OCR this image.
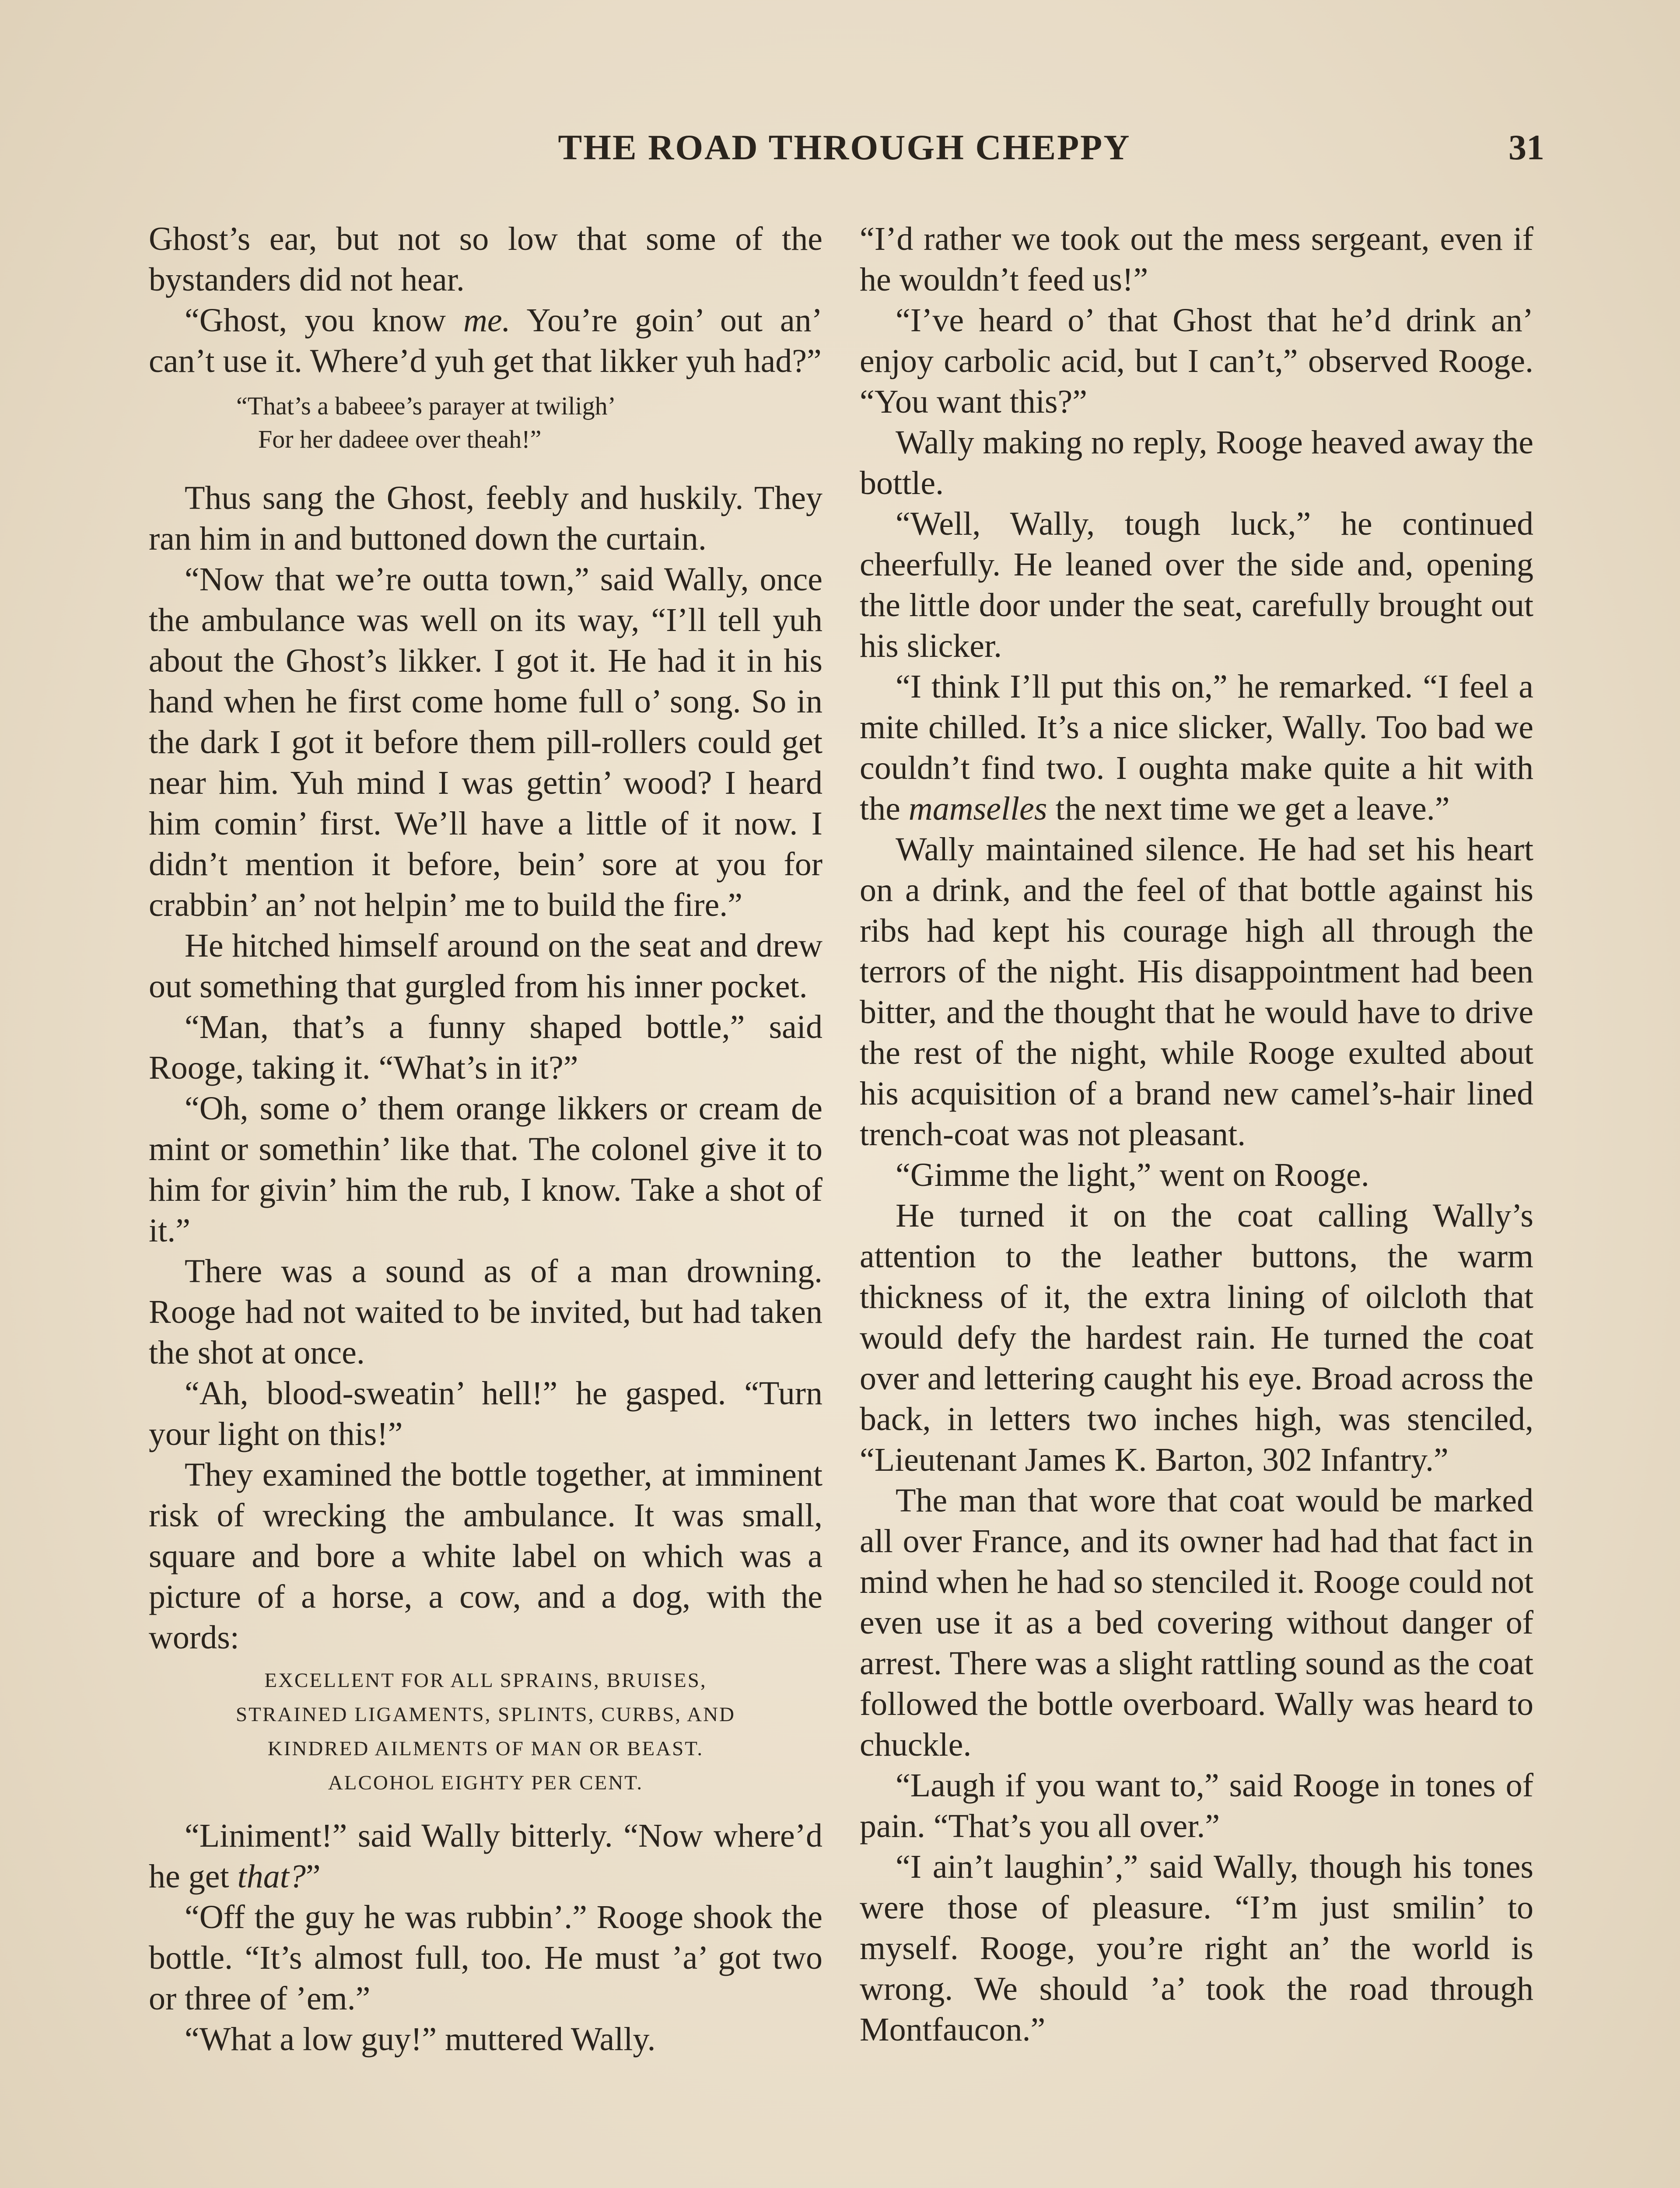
THE ROAD THROUGH CHEPPY	31

Ghost’s ear, but not so low that some of the bystanders did not hear.

“Ghost, you know me. You’re goin’ out an’ can’t use it. Where’d yuh get that likker yuh had?”

“That’s a babeee’s parayer at twiligh’
For her dadeee over theah!”

Thus sang the Ghost, feebly and huskily. They ran him in and buttoned down the curtain.

“Now that we’re outta town,” said Wally, once the ambulance was well on its way, “I’ll tell yuh about the Ghost’s likker. I got it. He had it in his hand when he first come home full o’ song. So in the dark I got it before them pill-rollers could get near him. Yuh mind I was gettin’ wood? I heard him comin’ first. We’ll have a little of it now. I didn’t mention it before, bein’ sore at you for crabbin’ an’ not helpin’ me to build the fire.”

He hitched himself around on the seat and drew out something that gurgled from his inner pocket.

“Man, that’s a funny shaped bottle,” said Rooge, taking it. “What’s in it?”

“Oh, some o’ them orange likkers or cream de mint or somethin’ like that. The colonel give it to him for givin’ him the rub, I know. Take a shot of it.”

There was a sound as of a man drowning. Rooge had not waited to be invited, but had taken the shot at once.

“Ah, blood-sweatin’ hell!” he gasped. “Turn your light on this!”

They examined the bottle together, at imminent risk of wrecking the ambulance. It was small, square and bore a white label on which was a picture of a horse, a cow, and a dog, with the words:

EXCELLENT FOR ALL SPRAINS, BRUISES,
STRAINED LIGAMENTS, SPLINTS, CURBS, AND
KINDRED AILMENTS OF MAN OR BEAST.
ALCOHOL EIGHTY PER CENT.

“Liniment!” said Wally bitterly. “Now where’d he get that?”

“Off the guy he was rubbin’.” Rooge shook the bottle. “It’s almost full, too. He must ’a’ got two or three of ’em.”

“What a low guy!” muttered Wally.

“I’d rather we took out the mess sergeant, even if he wouldn’t feed us!”

“I’ve heard o’ that Ghost that he’d drink an’ enjoy carbolic acid, but I can’t,” observed Rooge. “You want this?”

Wally making no reply, Rooge heaved away the bottle.

“Well, Wally, tough luck,” he continued cheerfully. He leaned over the side and, opening the little door under the seat, carefully brought out his slicker.

“I think I’ll put this on,” he remarked. “I feel a mite chilled. It’s a nice slicker, Wally. Too bad we couldn’t find two. I oughta make quite a hit with the mamselles the next time we get a leave.”

Wally maintained silence. He had set his heart on a drink, and the feel of that bottle against his ribs had kept his courage high all through the terrors of the night. His disappointment had been bitter, and the thought that he would have to drive the rest of the night, while Rooge exulted about his acquisition of a brand new camel’s-hair lined trench-coat was not pleasant.

“Gimme the light,” went on Rooge.

He turned it on the coat calling Wally’s attention to the leather buttons, the warm thickness of it, the extra lining of oilcloth that would defy the hardest rain. He turned the coat over and lettering caught his eye. Broad across the back, in letters two inches high, was stenciled, “Lieutenant James K. Barton, 302 Infantry.”

The man that wore that coat would be marked all over France, and its owner had had that fact in mind when he had so stenciled it. Rooge could not even use it as a bed covering without danger of arrest. There was a slight rattling sound as the coat followed the bottle overboard. Wally was heard to chuckle.

“Laugh if you want to,” said Rooge in tones of pain. “That’s you all over.”

“I ain’t laughin’,” said Wally, though his tones were those of pleasure. “I’m just smilin’ to myself. Rooge, you’re right an’ the world is wrong. We should ’a’ took the road through Montfaucon.”
